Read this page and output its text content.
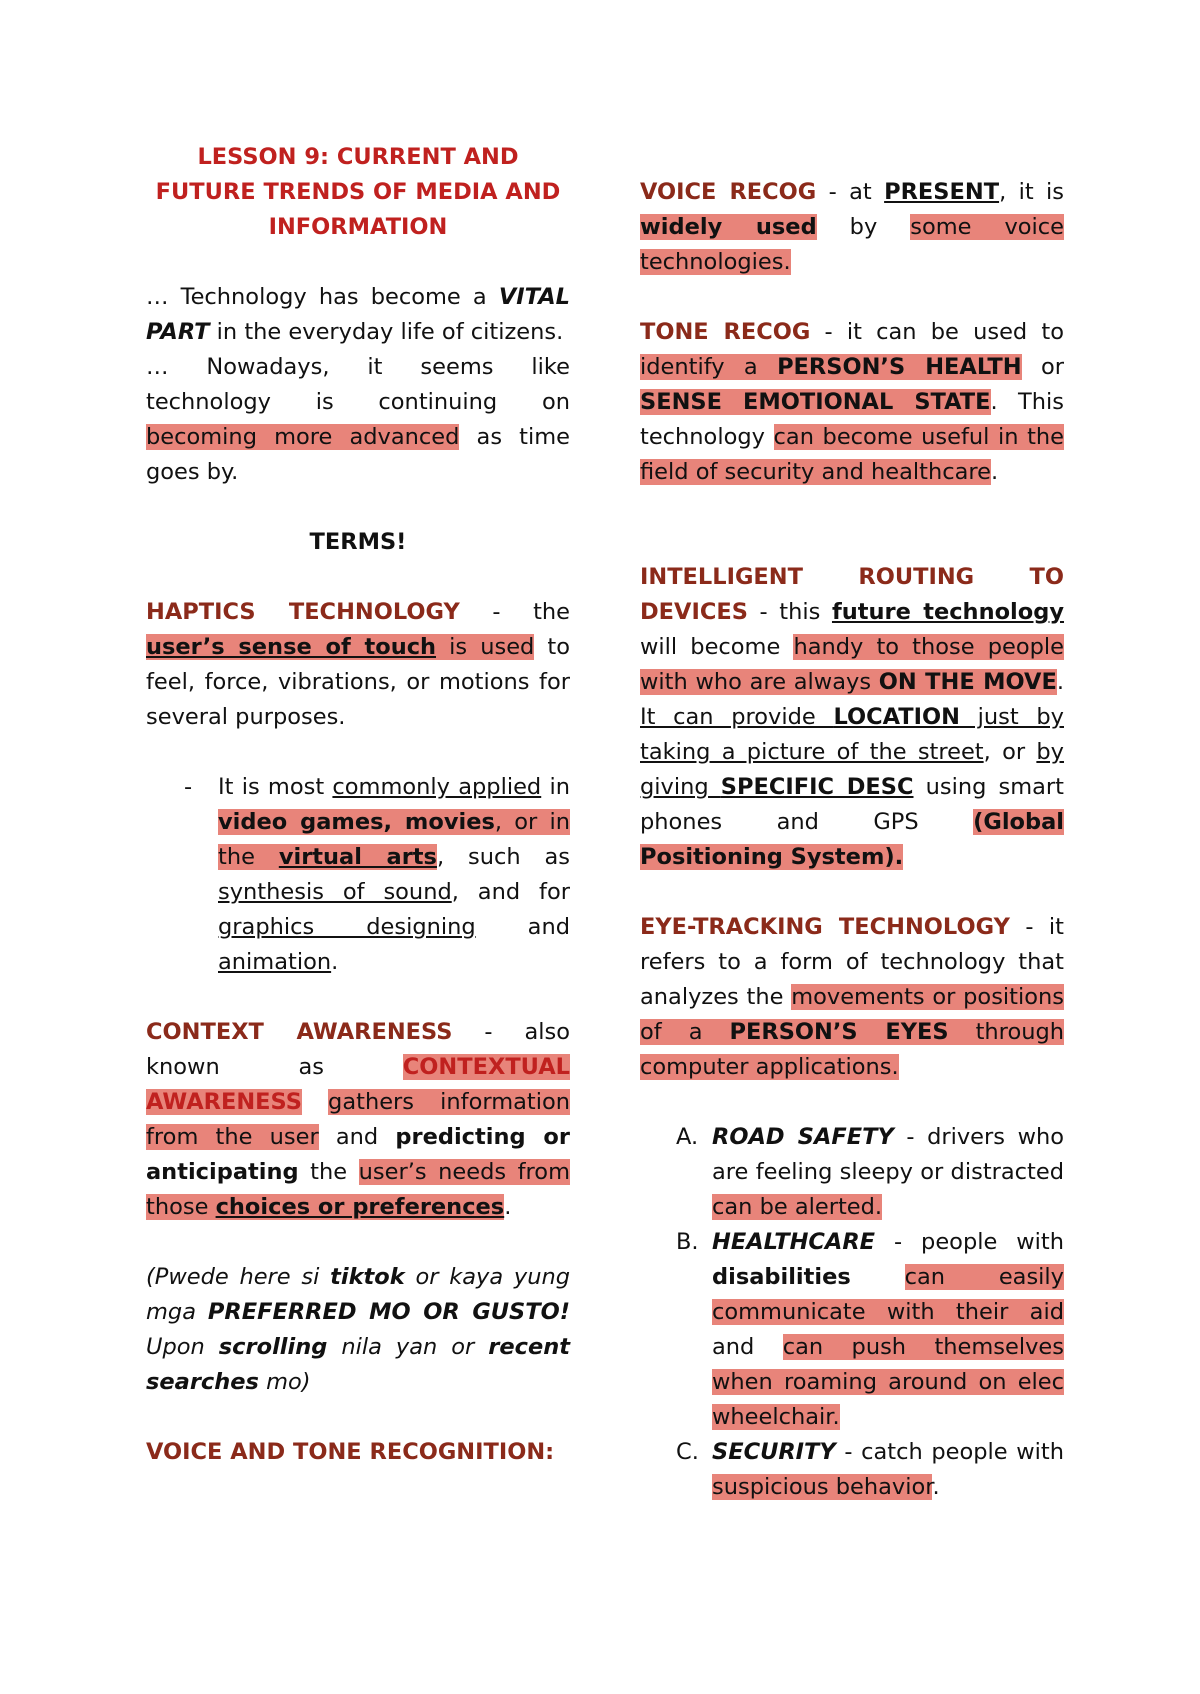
LESSON 9: CURRENT AND
FUTURE TRENDS OF MEDIA AND
INFORMATION

… Technology has become a VITAL PART in the everyday life of citizens.

… Nowadays, it seems like technology is continuing on becoming more advanced as time goes by.

TERMS!

HAPTICS TECHNOLOGY - the user’s sense of touch is used to feel, force, vibrations, or motions for several purposes.

-	It is most commonly applied in video games, movies, or in the virtual arts, such as synthesis of sound, and for graphics designing and animation.

CONTEXT AWARENESS - also known as CONTEXTUAL AWARENESS gathers information from the user and predicting or anticipating the user’s needs from those choices or preferences.

(Pwede here si tiktok or kaya yung mga PREFERRED MO OR GUSTO! Upon scrolling nila yan or recent searches mo)

VOICE AND TONE RECOGNITION:

VOICE RECOG - at PRESENT, it is widely used by some voice technologies.

TONE RECOG - it can be used to identify a PERSON’S HEALTH or SENSE EMOTIONAL STATE. This technology can become useful in the field of security and healthcare.

INTELLIGENT ROUTING TO DEVICES - this future technology will become handy to those people with who are always ON THE MOVE. It can provide LOCATION just by taking a picture of the street, or by giving SPECIFIC DESC using smart phones and GPS (Global Positioning System).

EYE-TRACKING TECHNOLOGY - it refers to a form of technology that analyzes the movements or positions of a PERSON’S EYES through computer applications.

A. ROAD SAFETY - drivers who are feeling sleepy or distracted can be alerted.

B. HEALTHCARE - people with disabilities can easily communicate with their aid and can push themselves when roaming around on elec wheelchair.

C. SECURITY - catch people with suspicious behavior.
